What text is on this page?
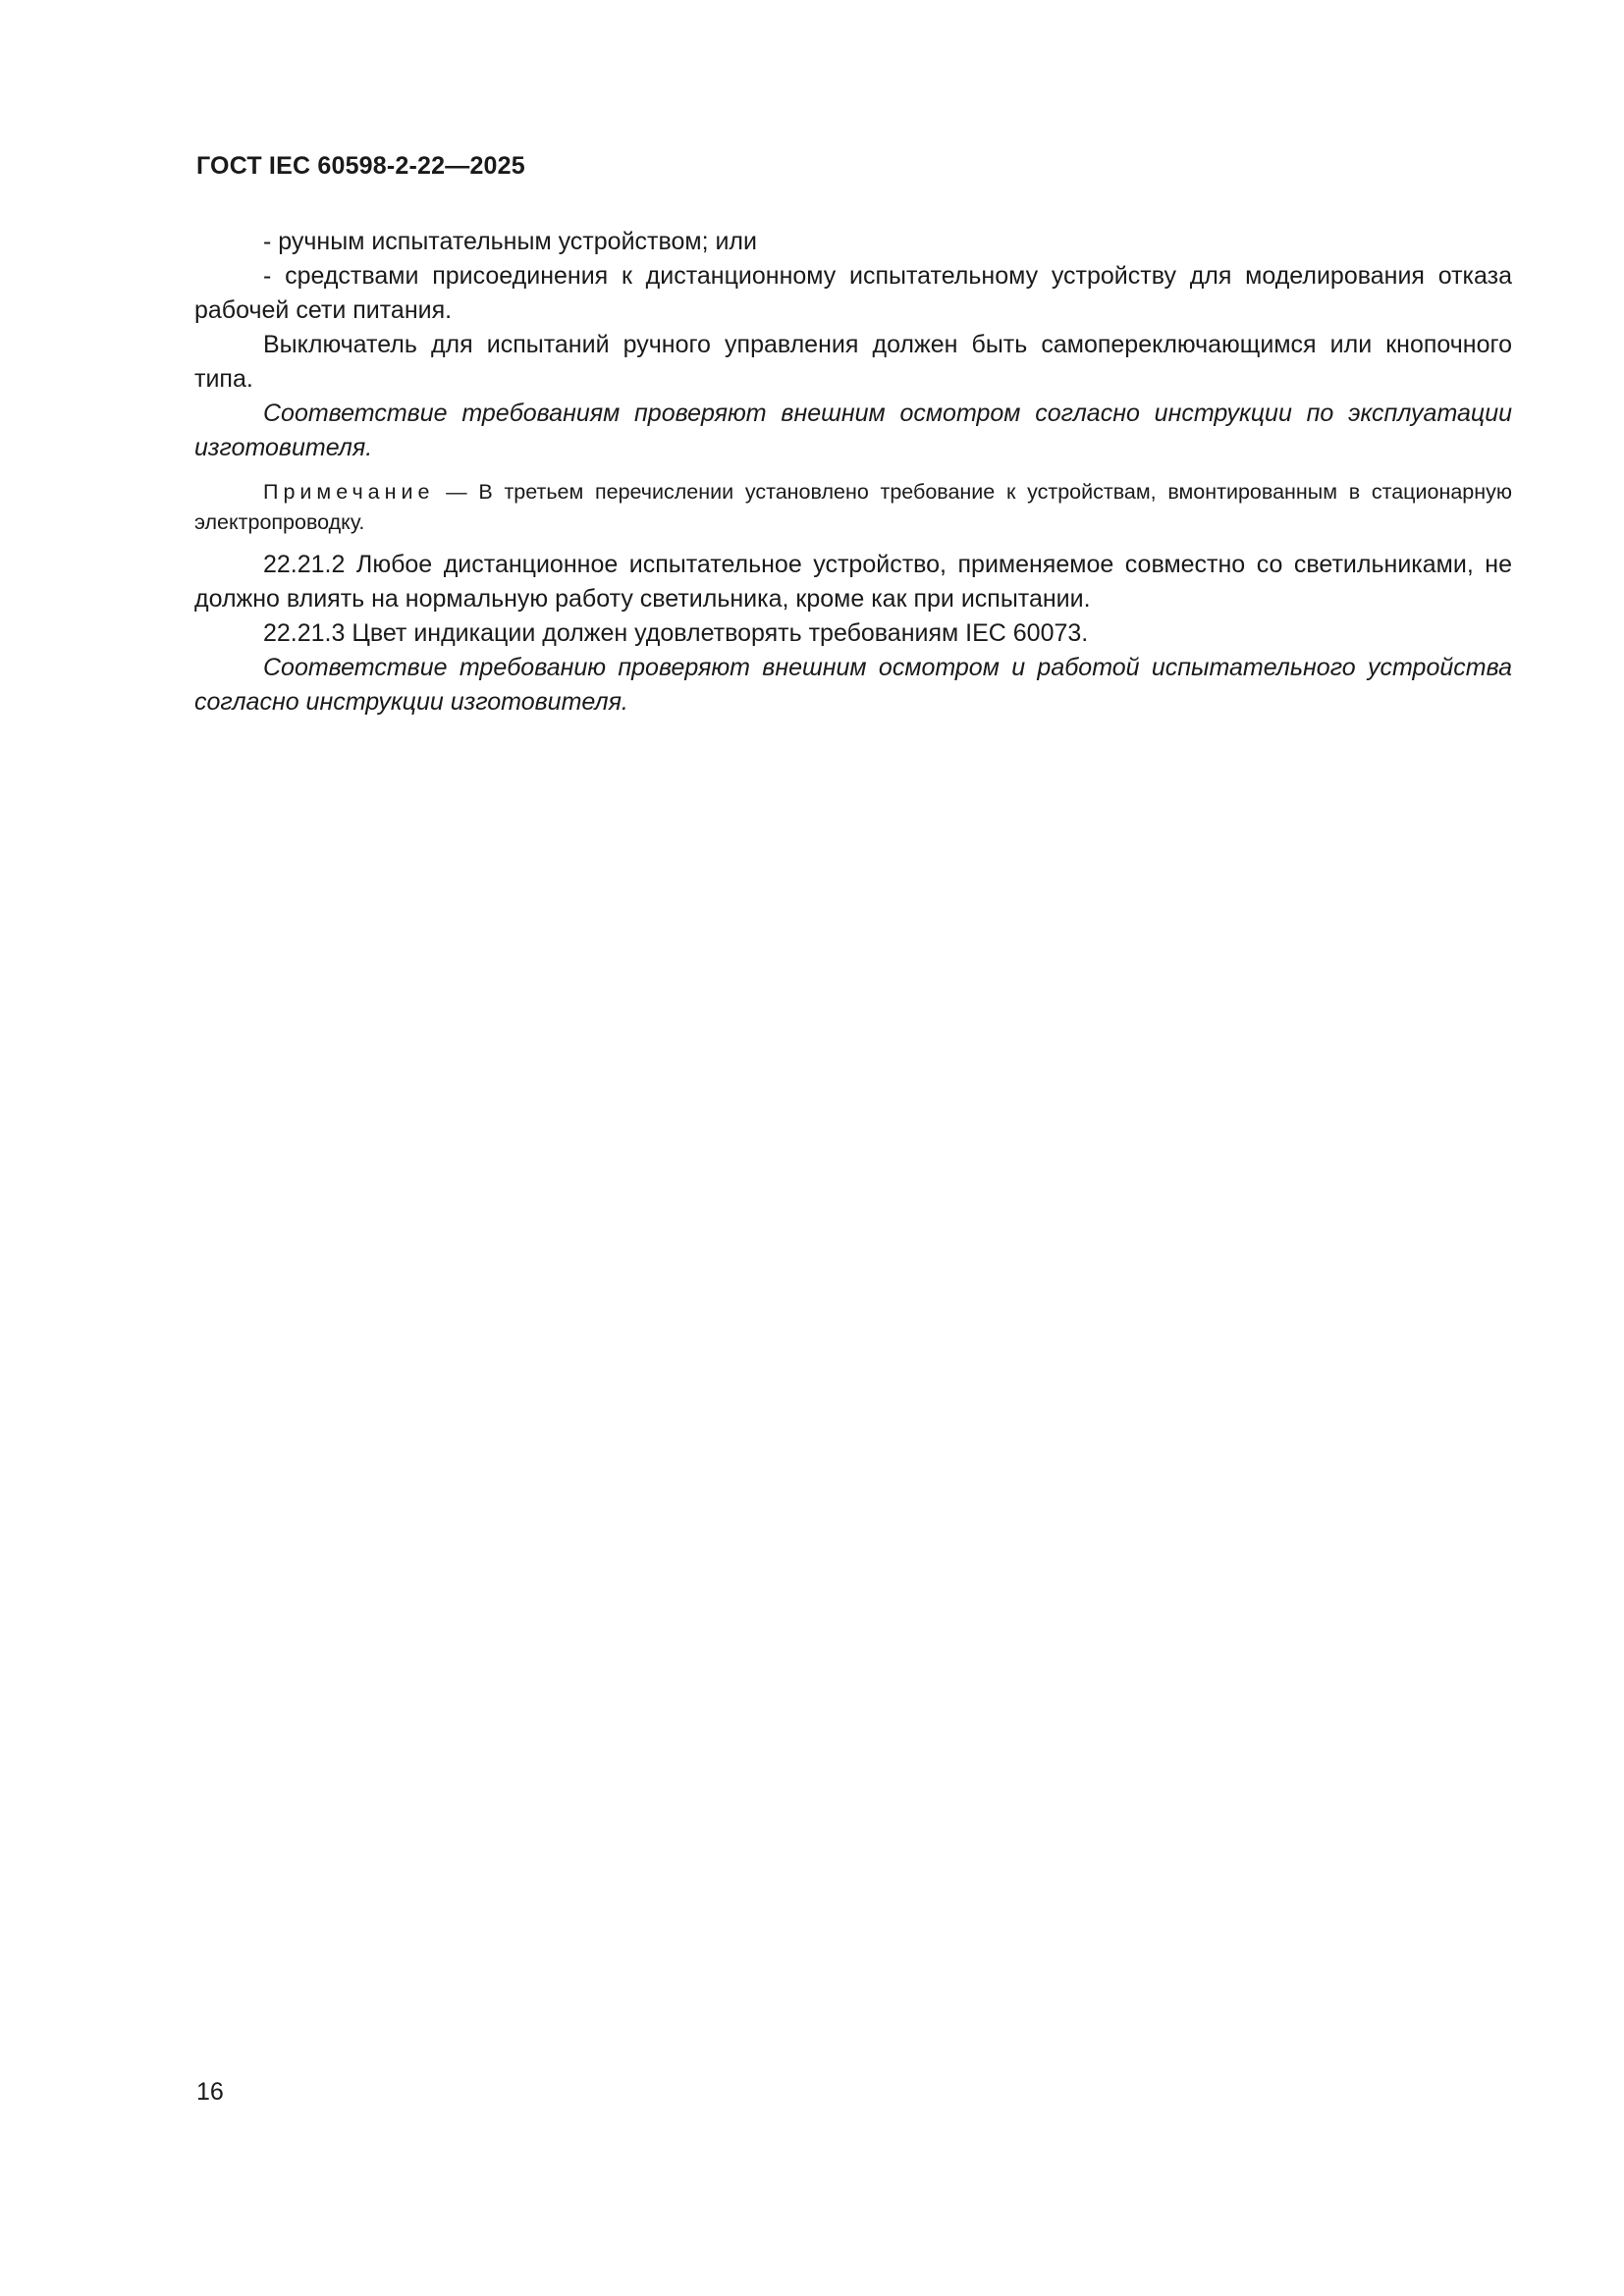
ГОСТ IEC 60598-2-22—2025

- ручным испытательным устройством; или

- средствами присоединения к дистанционному испытательному устройству для моделирования отказа рабочей сети питания.

Выключатель для испытаний ручного управления должен быть самопереключающимся или кнопочного типа.

Соответствие требованиям проверяют внешним осмотром согласно инструкции по эксплуатации изготовителя.

Примечание — В третьем перечислении установлено требование к устройствам, вмонтированным в стационарную электропроводку.

22.21.2 Любое дистанционное испытательное устройство, применяемое совместно со светильниками, не должно влиять на нормальную работу светильника, кроме как при испытании.

22.21.3 Цвет индикации должен удовлетворять требованиям IEC 60073.

Соответствие требованию проверяют внешним осмотром и работой испытательного устройства согласно инструкции изготовителя.

16
